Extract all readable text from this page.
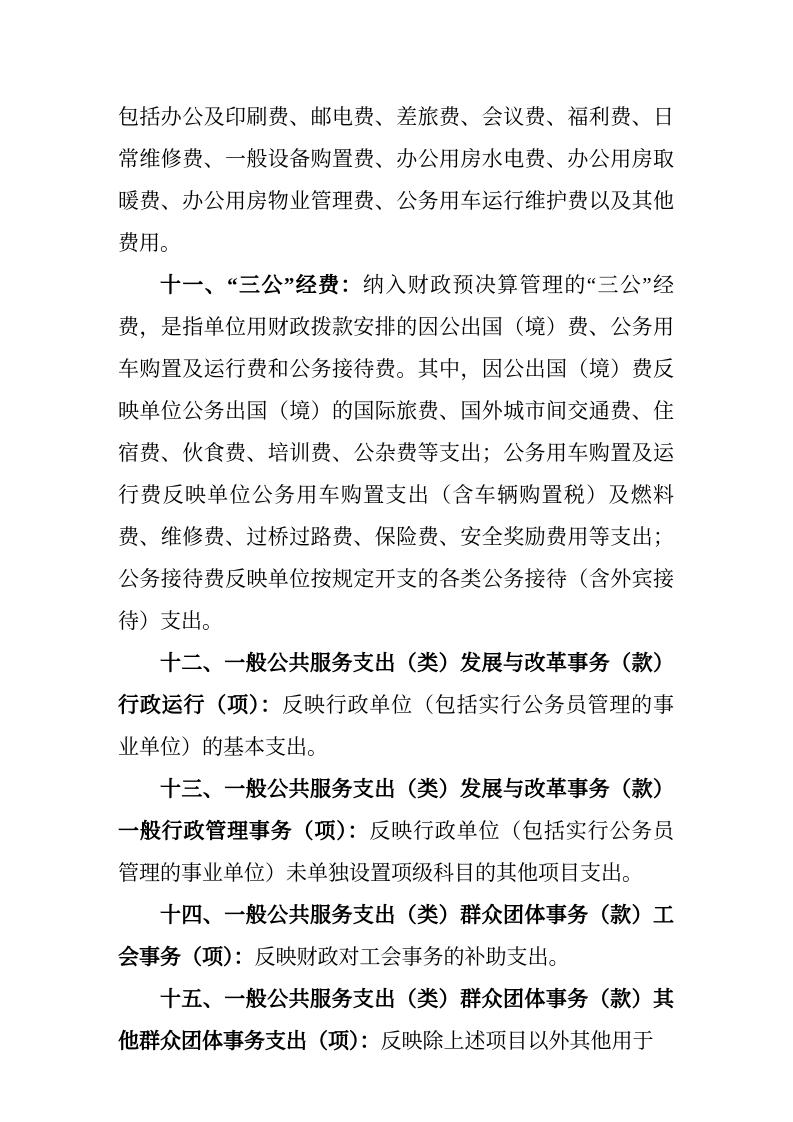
包括办公及印刷费、邮电费、差旅费、会议费、福利费、日常维修费、一般设备购置费、办公用房水电费、办公用房取暖费、办公用房物业管理费、公务用车运行维护费以及其他费用。

十一、“三公”经费：纳入财政预决算管理的“三公”经费，是指单位用财政拨款安排的因公出国（境）费、公务用车购置及运行费和公务接待费。其中，因公出国（境）费反映单位公务出国（境）的国际旅费、国外城市间交通费、住宿费、伙食费、培训费、公杂费等支出；公务用车购置及运行费反映单位公务用车购置支出（含车辆购置税）及燃料费、维修费、过桥过路费、保险费、安全奖励费用等支出；公务接待费反映单位按规定开支的各类公务接待（含外宾接待）支出。

十二、一般公共服务支出（类）发展与改革事务（款）行政运行（项）：反映行政单位（包括实行公务员管理的事业单位）的基本支出。

十三、一般公共服务支出（类）发展与改革事务（款）一般行政管理事务（项）：反映行政单位（包括实行公务员管理的事业单位）未单独设置项级科目的其他项目支出。

十四、一般公共服务支出（类）群众团体事务（款）工会事务（项）：反映财政对工会事务的补助支出。

十五、一般公共服务支出（类）群众团体事务（款）其他群众团体事务支出（项）：反映除上述项目以外其他用于
